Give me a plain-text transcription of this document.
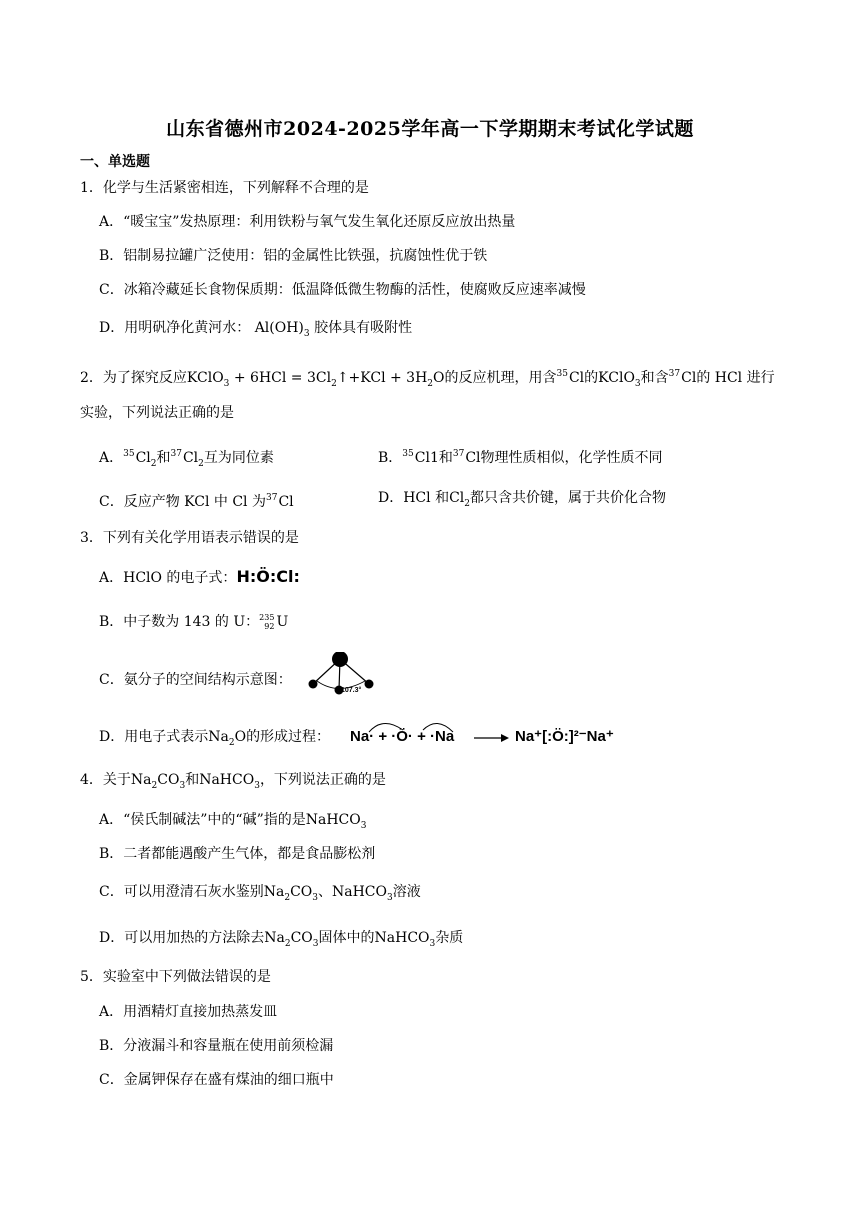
山东省德州市2024-2025学年高一下学期期末考试化学试题
一、单选题
1．化学与生活紧密相连，下列解释不合理的是
A．“暖宝宝”发热原理：利用铁粉与氧气发生氧化还原反应放出热量
B．铝制易拉罐广泛使用：铝的金属性比铁强，抗腐蚀性优于铁
C．冰箱冷藏延长食物保质期：低温降低微生物酶的活性，使腐败反应速率减慢
D．用明矾净化黄河水： $Al(OH)_3$ 胶体具有吸附性
2．为了探究反应KClO$_3$ + $6HCl = 3Cl_2↑+KCl + 3H_2O$的反应机理，用含$^{35}$Cl的KClO$_3$和含$^{37}$Cl的 HCl 进行
实验，下列说法正确的是
A．$^{35}Cl_2$和$^{37}Cl_2$互为同位素	B．$^{35}$Cl1和$^{37}$Cl物理性质相似，化学性质不同
C．反应产物 KCl 中 Cl 为$^{37}$Cl	D．HCl 和$Cl_2$都只含共价键，属于共价化合物
3．下列有关化学用语表示错误的是
A．HClO 的电子式：H:Ö:Cl:
B．中子数为 143 的 U： 235
92 U
C．氨分子的空间结构示意图：
107.3°
D．用电子式表示$Na_2O$的形成过程： Na· + ·Ö· + ·Na → Na⁺[:Ö:]²⁻Na⁺
4．关于$Na_2CO_3$和NaHCO$_3$，下列说法正确的是
A．“侯氏制碱法”中的“碱”指的是NaHCO$_3$
B．二者都能遇酸产生气体，都是食品膨松剂
C．可以用澄清石灰水鉴别$Na_2CO_3$、NaHCO$_3$溶液
D．可以用加热的方法除去$Na_2CO_3$固体中的NaHCO$_3$杂质
5．实验室中下列做法错误的是
A．用酒精灯直接加热蒸发皿
B．分液漏斗和容量瓶在使用前须检漏
C．金属钾保存在盛有煤油的细口瓶中
